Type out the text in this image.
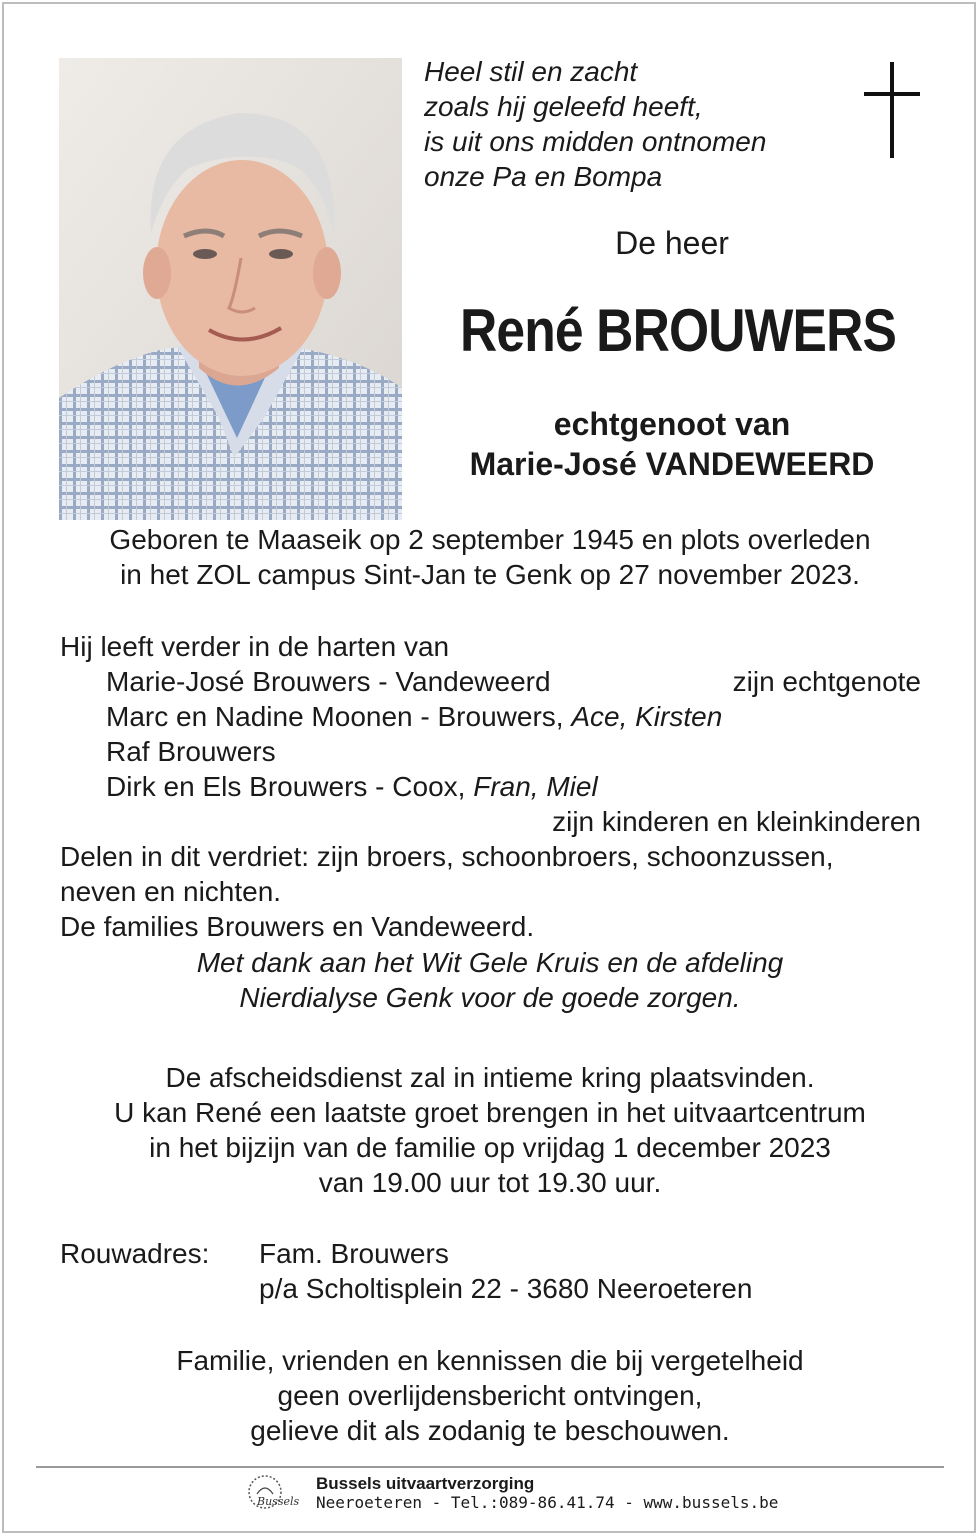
Heel stil en zacht
zoals hij geleefd heeft,
is uit ons midden ontnomen
onze Pa en Bompa
De heer
René BROUWERS
echtgenoot van
Marie-José VANDEWEERD
Geboren te Maaseik op 2 september 1945 en plots overleden
in het ZOL campus Sint-Jan te Genk op 27 november 2023.
Hij leeft verder in de harten van
Marie-José Brouwers - Vandeweerd	zijn echtgenote
Marc en Nadine Moonen - Brouwers, Ace, Kirsten
Raf Brouwers
Dirk en Els Brouwers - Coox, Fran, Miel
zijn kinderen en kleinkinderen
Delen in dit verdriet: zijn broers, schoonbroers, schoonzussen,
neven en nichten.
De families Brouwers en Vandeweerd.
Met dank aan het Wit Gele Kruis en de afdeling
Nierdialyse Genk voor de goede zorgen.
De afscheidsdienst zal in intieme kring plaatsvinden.
U kan René een laatste groet brengen in het uitvaartcentrum
in het bijzijn van de familie op vrijdag 1 december 2023
van 19.00 uur tot 19.30 uur.
Rouwadres: Fam. Brouwers
p/a Scholtisplein 22 - 3680 Neeroeteren
Familie, vrienden en kennissen die bij vergetelheid
geen overlijdensbericht ontvingen,
gelieve dit als zodanig te beschouwen.
Bussels
Bussels uitvaartverzorging
Neeroeteren - Tel.:089-86.41.74 - www.bussels.be
